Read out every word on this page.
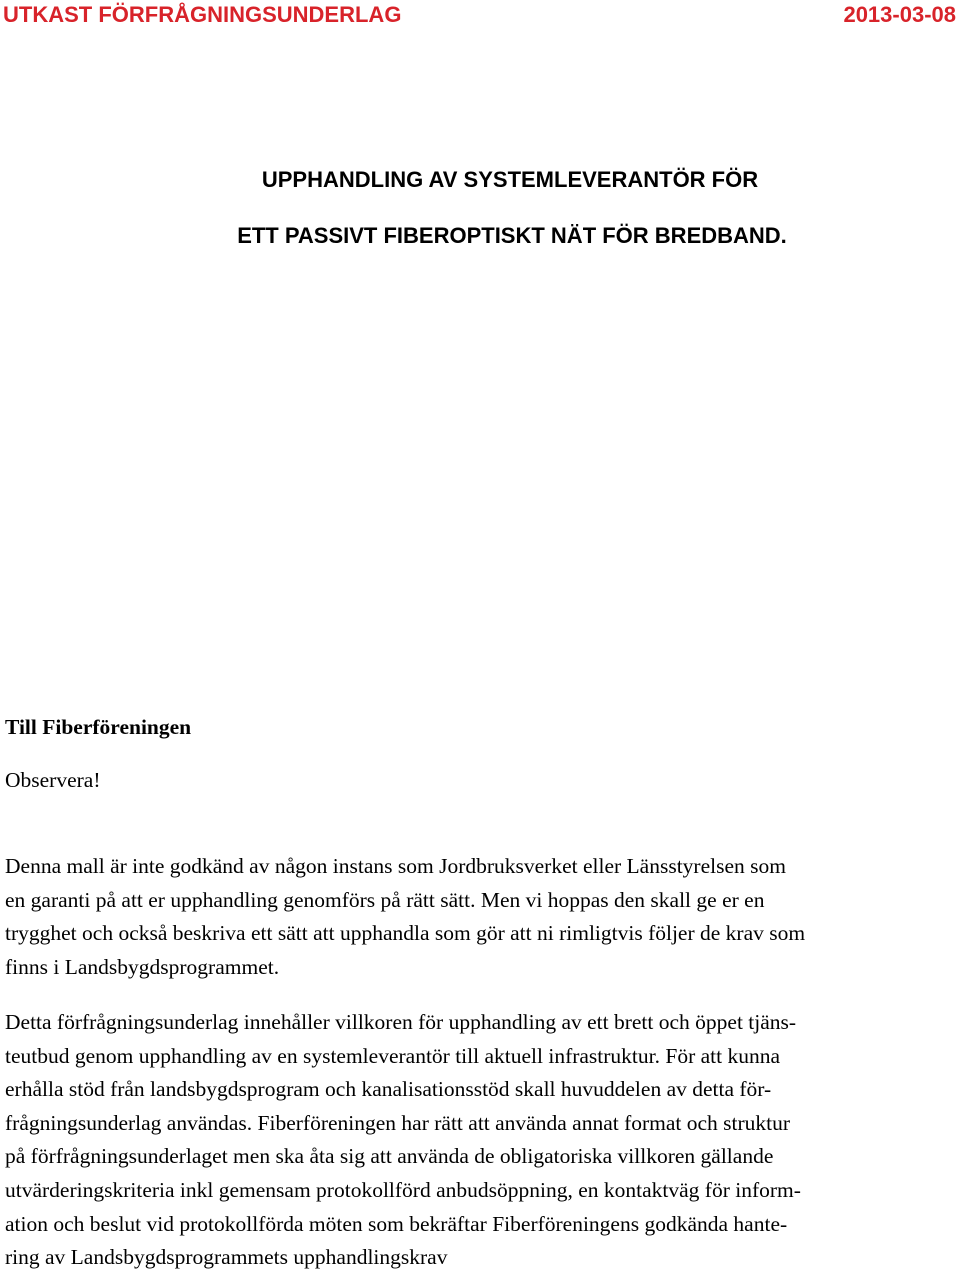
UTKAST FÖRFRÅGNINGSUNDERLAG	2013-03-08
UPPHANDLING AV SYSTEMLEVERANTÖR FÖR
ETT PASSIVT FIBEROPTISKT NÄT FÖR BREDBAND.
Till Fiberföreningen
Observera!
Denna mall är inte godkänd av någon instans som Jordbruksverket eller Länsstyrelsen som
en garanti på att er upphandling genomförs på rätt sätt. Men vi hoppas den skall ge er en
trygghet och också beskriva ett sätt att upphandla som gör att ni rimligtvis följer de krav som
finns i Landsbygdsprogrammet.
Detta förfrågningsunderlag innehåller villkoren för upphandling av ett brett och öppet tjäns-
teutbud genom upphandling av en systemleverantör till aktuell infrastruktur. För att kunna
erhålla stöd från landsbygdsprogram och kanalisationsstöd skall huvuddelen av detta för-
frågningsunderlag användas. Fiberföreningen har rätt att använda annat format och struktur
på förfrågningsunderlaget men ska åta sig att använda de obligatoriska villkoren gällande
utvärderingskriteria inkl gemensam protokollförd anbudsöppning, en kontaktväg för inform-
ation och beslut vid protokollförda möten som bekräftar Fiberföreningens godkända hante-
ring av Landsbygdsprogrammets upphandlingskrav
